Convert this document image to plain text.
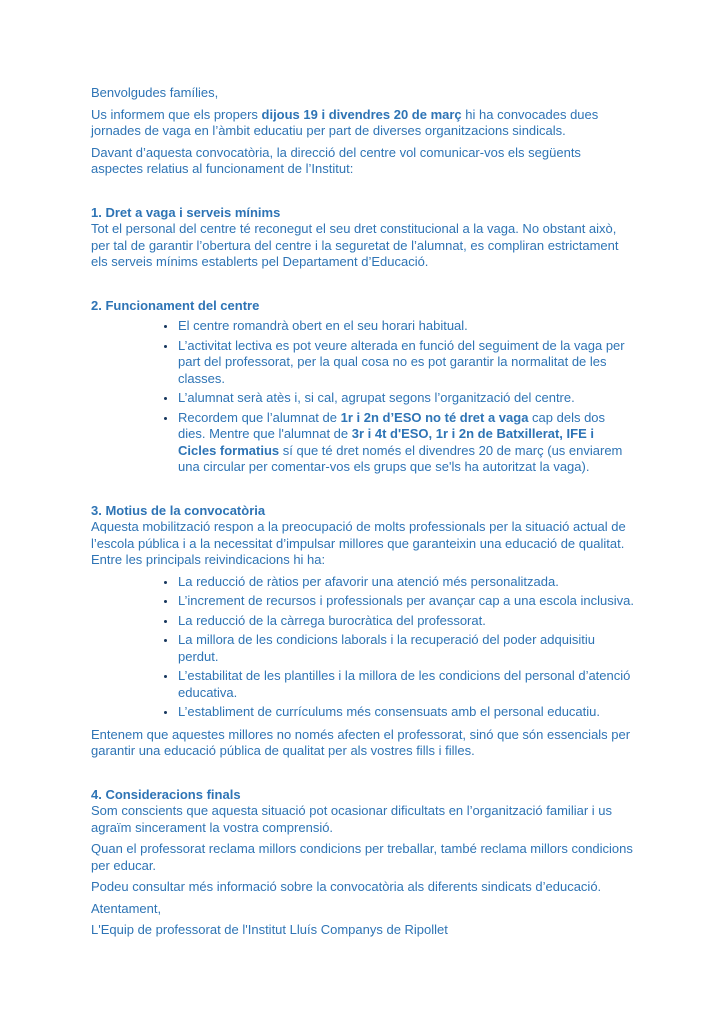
Benvolgudes famílies,

Us informem que els propers dijous 19 i divendres 20 de març hi ha convocades dues jornades de vaga en l’àmbit educatiu per part de diverses organitzacions sindicals.

Davant d’aquesta convocatòria, la direcció del centre vol comunicar-vos els següents aspectes relatius al funcionament de l’Institut:

1. Dret a vaga i serveis mínims

Tot el personal del centre té reconegut el seu dret constitucional a la vaga. No obstant això, per tal de garantir l’obertura del centre i la seguretat de l’alumnat, es compliran estrictament els serveis mínims establerts pel Departament d’Educació.

2. Funcionament del centre

• El centre romandrà obert en el seu horari habitual.
• L’activitat lectiva es pot veure alterada en funció del seguiment de la vaga per part del professorat, per la qual cosa no es pot garantir la normalitat de les classes.
• L’alumnat serà atès i, si cal, agrupat segons l’organització del centre.
• Recordem que l’alumnat de 1r i 2n d’ESO no té dret a vaga cap dels dos dies. Mentre que l'alumnat de 3r i 4t d'ESO, 1r i 2n de Batxillerat, IFE i Cicles formatius sí que té dret només el divendres 20 de març (us enviarem una circular per comentar-vos els grups que se'ls ha autoritzat la vaga).

3. Motius de la convocatòria

Aquesta mobilització respon a la preocupació de molts professionals per la situació actual de l’escola pública i a la necessitat d’impulsar millores que garanteixin una educació de qualitat. Entre les principals reivindicacions hi ha:

• La reducció de ràtios per afavorir una atenció més personalitzada.
• L’increment de recursos i professionals per avançar cap a una escola inclusiva.
• La reducció de la càrrega burocràtica del professorat.
• La millora de les condicions laborals i la recuperació del poder adquisitiu perdut.
• L’estabilitat de les plantilles i la millora de les condicions del personal d’atenció educativa.
• L’establiment de currículums més consensuats amb el personal educatiu.

Entenem que aquestes millores no només afecten el professorat, sinó que són essencials per garantir una educació pública de qualitat per als vostres fills i filles.

4. Consideracions finals

Som conscients que aquesta situació pot ocasionar dificultats en l’organització familiar i us agraïm sincerament la vostra comprensió.

Quan el professorat reclama millors condicions per treballar, també reclama millors condicions per educar.

Podeu consultar més informació sobre la convocatòria als diferents sindicats d’educació.

Atentament,

L'Equip de professorat de l'Institut Lluís Companys de Ripollet
